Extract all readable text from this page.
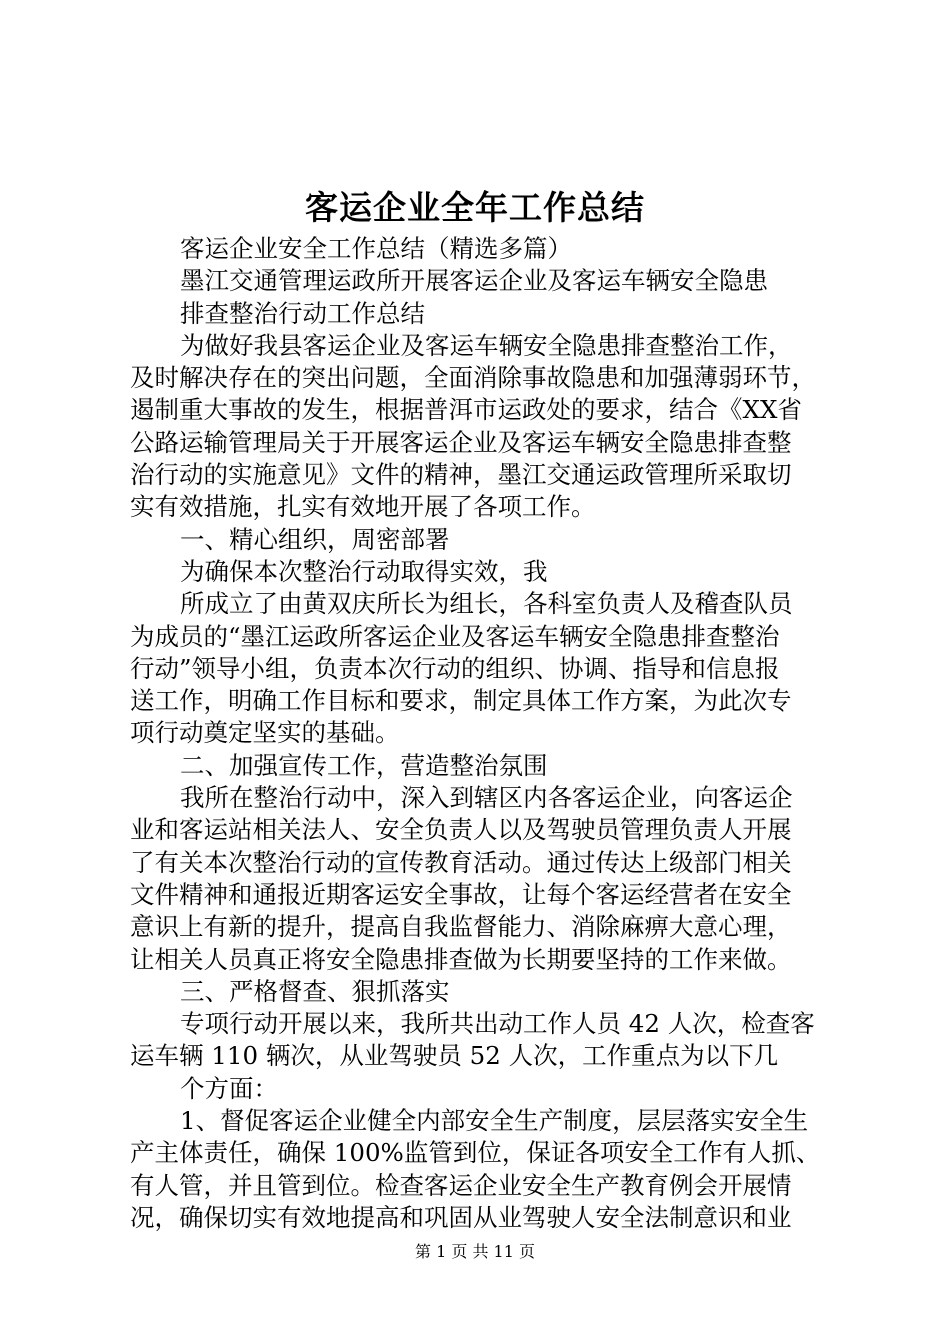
客运企业全年工作总结
客运企业安全工作总结（精选多篇）
墨江交通管理运政所开展客运企业及客运车辆安全隐患
排查整治行动工作总结
为做好我县客运企业及客运车辆安全隐患排查整治工作，
及时解决存在的突出问题，全面消除事故隐患和加强薄弱环节，
遏制重大事故的发生，根据普洱市运政处的要求，结合《XX省
公路运输管理局关于开展客运企业及客运车辆安全隐患排查整
治行动的实施意见》文件的精神，墨江交通运政管理所采取切
实有效措施，扎实有效地开展了各项工作。
一、精心组织，周密部署
为确保本次整治行动取得实效，我
所成立了由黄双庆所长为组长，各科室负责人及稽查队员
为成员的“墨江运政所客运企业及客运车辆安全隐患排查整治
行动”领导小组，负责本次行动的组织、协调、指导和信息报
送工作，明确工作目标和要求，制定具体工作方案，为此次专
项行动奠定坚实的基础。
二、加强宣传工作，营造整治氛围
我所在整治行动中，深入到辖区内各客运企业，向客运企
业和客运站相关法人、安全负责人以及驾驶员管理负责人开展
了有关本次整治行动的宣传教育活动。通过传达上级部门相关
文件精神和通报近期客运安全事故，让每个客运经营者在安全
意识上有新的提升，提高自我监督能力、消除麻痹大意心理，
让相关人员真正将安全隐患排查做为长期要坚持的工作来做。
三、严格督查、狠抓落实
专项行动开展以来，我所共出动工作人员 42 人次，检查客
运车辆 110 辆次，从业驾驶员 52 人次，工作重点为以下几
个方面：
1、督促客运企业健全内部安全生产制度，层层落实安全生
产主体责任，确保 100%监管到位，保证各项安全工作有人抓、
有人管，并且管到位。检查客运企业安全生产教育例会开展情
况，确保切实有效地提高和巩固从业驾驶人安全法制意识和业
第 1 页 共 11 页
